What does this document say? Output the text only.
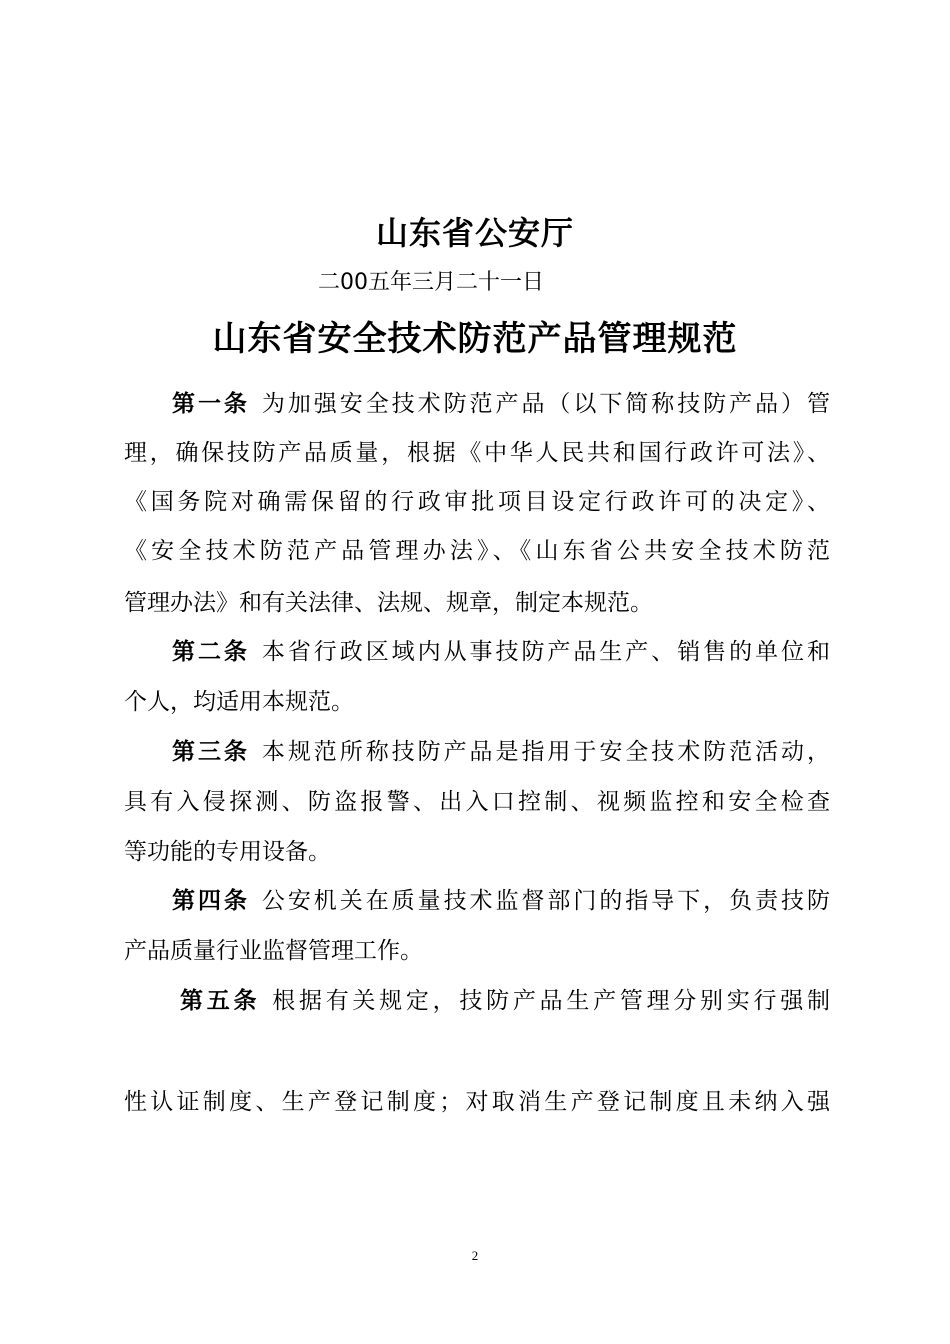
山东省公安厅
二00五年三月二十一日
山东省安全技术防范产品管理规范
第一条 为加强安全技术防范产品（以下简称技防产品）管
理，确保技防产品质量，根据《中华人民共和国行政许可法》、
《国务院对确需保留的行政审批项目设定行政许可的决定》、
《安全技术防范产品管理办法》、《山东省公共安全技术防范
管理办法》和有关法律、法规、规章，制定本规范。
第二条 本省行政区域内从事技防产品生产、销售的单位和
个人，均适用本规范。
第三条 本规范所称技防产品是指用于安全技术防范活动，
具有入侵探测、防盗报警、出入口控制、视频监控和安全检查
等功能的专用设备。
第四条 公安机关在质量技术监督部门的指导下，负责技防
产品质量行业监督管理工作。
第五条 根据有关规定，技防产品生产管理分别实行强制
性认证制度、生产登记制度；对取消生产登记制度且未纳入强
2
